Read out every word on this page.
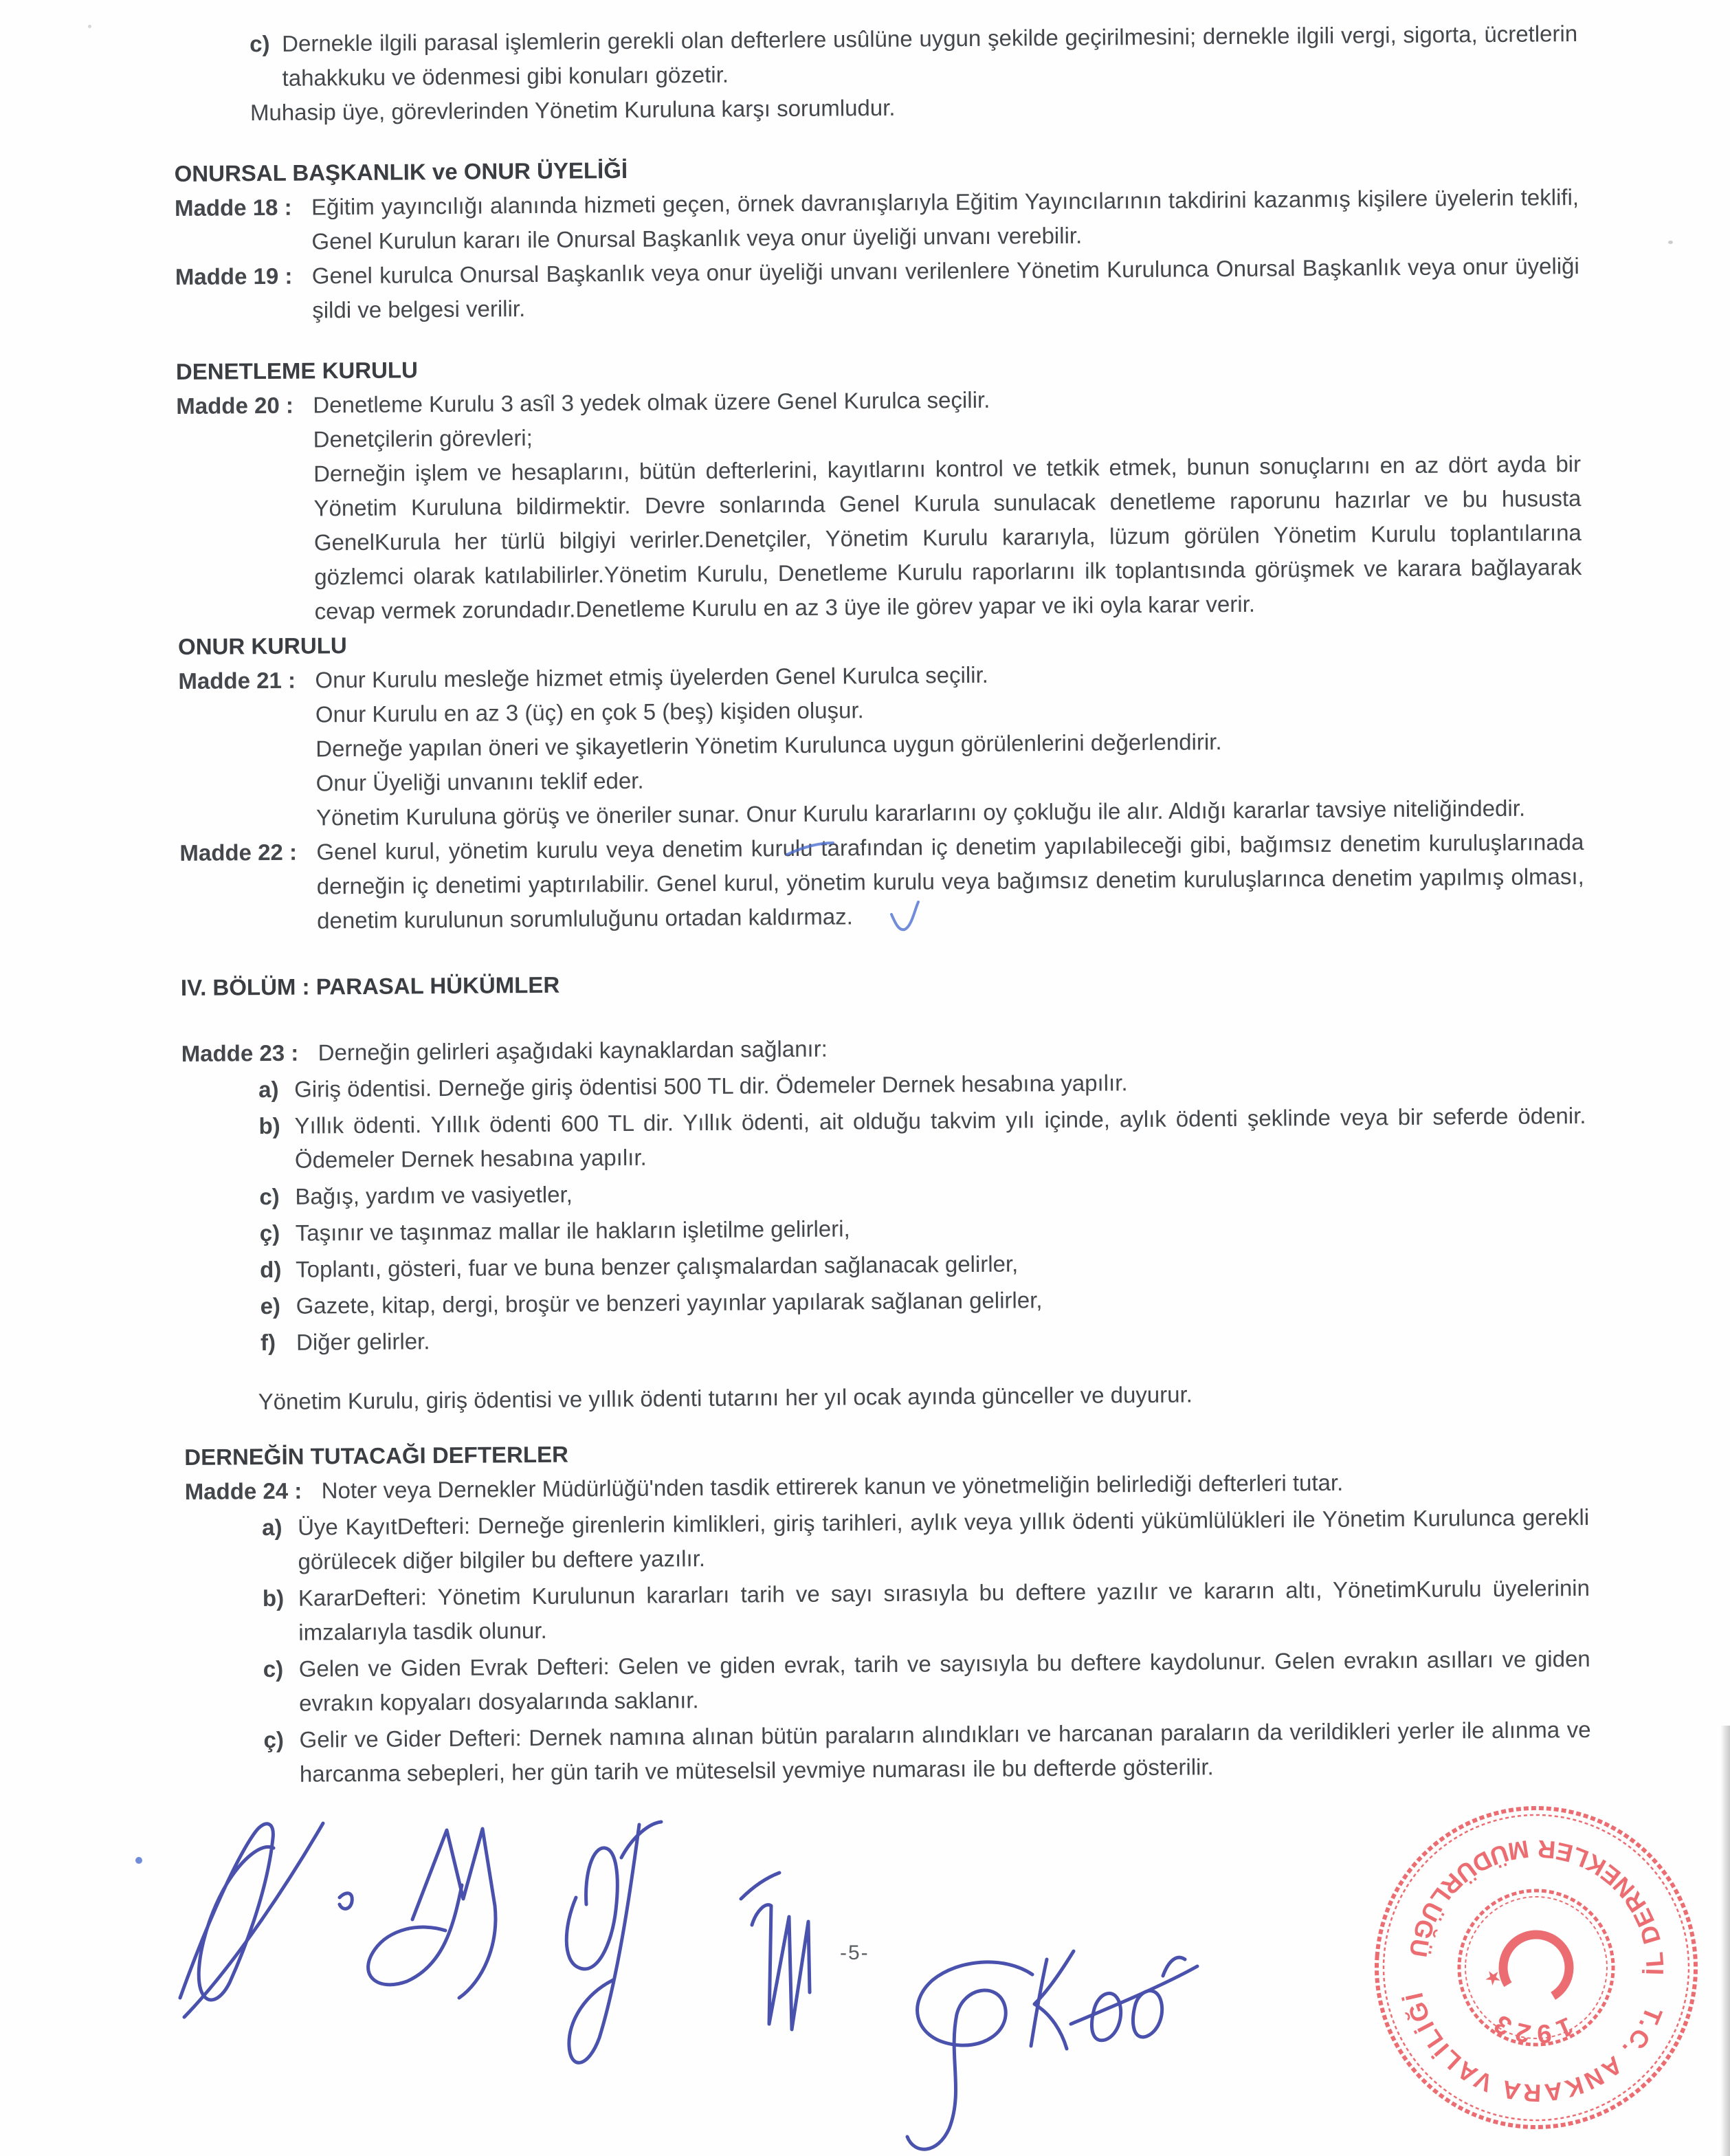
c) Dernekle ilgili parasal işlemlerin gerekli olan defterlere usûlüne uygun şekilde geçirilmesini; dernekle ilgili vergi, sigorta, ücretlerin tahakkuku ve ödenmesi gibi konuları gözetir.
Muhasip üye, görevlerinden Yönetim Kuruluna karşı sorumludur.
ONURSAL BAŞKANLIK ve ONUR ÜYELİĞİ
Madde 18 : Eğitim yayıncılığı alanında hizmeti geçen, örnek davranışlarıyla Eğitim Yayıncılarının takdirini kazanmış kişilere üyelerin teklifi, Genel Kurulun kararı ile Onursal Başkanlık veya onur üyeliği unvanı verebilir.

Madde 19 : Genel kurulca Onursal Başkanlık veya onur üyeliği unvanı verilenlere Yönetim Kurulunca Onursal Başkanlık veya onur üyeliği şildi ve belgesi verilir.

DENETLEME KURULU
Madde 20 : Denetleme Kurulu 3 asîl 3 yedek olmak üzere Genel Kurulca seçilir.

Denetçilerin görevleri;

Derneğin işlem ve hesaplarını, bütün defterlerini, kayıtlarını kontrol ve tetkik etmek, bunun sonuçlarını en az dört ayda bir Yönetim Kuruluna bildirmektir. Devre sonlarında Genel Kurula sunulacak denetleme raporunu hazırlar ve bu hususta GenelKurula her türlü bilgiyi verirler.Denetçiler, Yönetim Kurulu kararıyla, lüzum görülen Yönetim Kurulu toplantılarına gözlemci olarak katılabilirler.Yönetim Kurulu, Denetleme Kurulu raporlarını ilk toplantısında görüşmek ve karara bağlayarak cevap vermek zorundadır.Denetleme Kurulu en az 3 üye ile görev yapar ve iki oyla karar verir.

ONUR KURULU
Madde 21 : Onur Kurulu mesleğe hizmet etmiş üyelerden Genel Kurulca seçilir.

Onur Kurulu en az 3 (üç) en çok 5 (beş) kişiden oluşur.

Derneğe yapılan öneri ve şikayetlerin Yönetim Kurulunca uygun görülenlerini değerlendirir.

Onur Üyeliği unvanını teklif eder.

Yönetim Kuruluna görüş ve öneriler sunar. Onur Kurulu kararlarını oy çokluğu ile alır. Aldığı kararlar tavsiye niteliğindedir.

Madde 22 : Genel kurul, yönetim kurulu veya denetim kurulu tarafından iç denetim yapılabileceği gibi, bağımsız denetim kuruluşlarınada derneğin iç denetimi yaptırılabilir. Genel kurul, yönetim kurulu veya bağımsız denetim kuruluşlarınca denetim yapılmış olması, denetim kurulunun sorumluluğunu ortadan kaldırmaz.

IV. BÖLÜM : PARASAL HÜKÜMLER
Madde 23 : Derneğin gelirleri aşağıdaki kaynaklardan sağlanır:

a) Giriş ödentisi. Derneğe giriş ödentisi 500 TL dir. Ödemeler Dernek hesabına yapılır.
b) Yıllık ödenti. Yıllık ödenti 600 TL dir. Yıllık ödenti, ait olduğu takvim yılı içinde, aylık ödenti şeklinde veya bir seferde ödenir. Ödemeler Dernek hesabına yapılır.
c) Bağış, yardım ve vasiyetler,
ç) Taşınır ve taşınmaz mallar ile hakların işletilme gelirleri,
d) Toplantı, gösteri, fuar ve buna benzer çalışmalardan sağlanacak gelirler,
e) Gazete, kitap, dergi, broşür ve benzeri yayınlar yapılarak sağlanan gelirler,
f) Diğer gelirler.
Yönetim Kurulu, giriş ödentisi ve yıllık ödenti tutarını her yıl ocak ayında günceller ve duyurur.
DERNEĞİN TUTACAĞI DEFTERLER
Madde 24 : Noter veya Dernekler Müdürlüğü'nden tasdik ettirerek kanun ve yönetmeliğin belirlediği defterleri tutar.

a) Üye KayıtDefteri: Derneğe girenlerin kimlikleri, giriş tarihleri, aylık veya yıllık ödenti yükümlülükleri ile Yönetim Kurulunca gerekli görülecek diğer bilgiler bu deftere yazılır.
b) KararDefteri: Yönetim Kurulunun kararları tarih ve sayı sırasıyla bu deftere yazılır ve kararın altı, YönetimKurulu üyelerinin imzalarıyla tasdik olunur.
c) Gelen ve Giden Evrak Defteri: Gelen ve giden evrak, tarih ve sayısıyla bu deftere kaydolunur. Gelen evrakın asılları ve giden evrakın kopyaları dosyalarında saklanır.
ç) Gelir ve Gider Defteri: Dernek namına alınan bütün paraların alındıkları ve harcanan paraların da verildikleri yerler ile alınma ve harcanma sebepleri, her gün tarih ve müteselsil yevmiye numarası ile bu defterde gösterilir.
-5-
★
T.C. ANKARA VALİLİĞİ
İL DERNEKLER MÜDÜRLÜĞÜ
1923
